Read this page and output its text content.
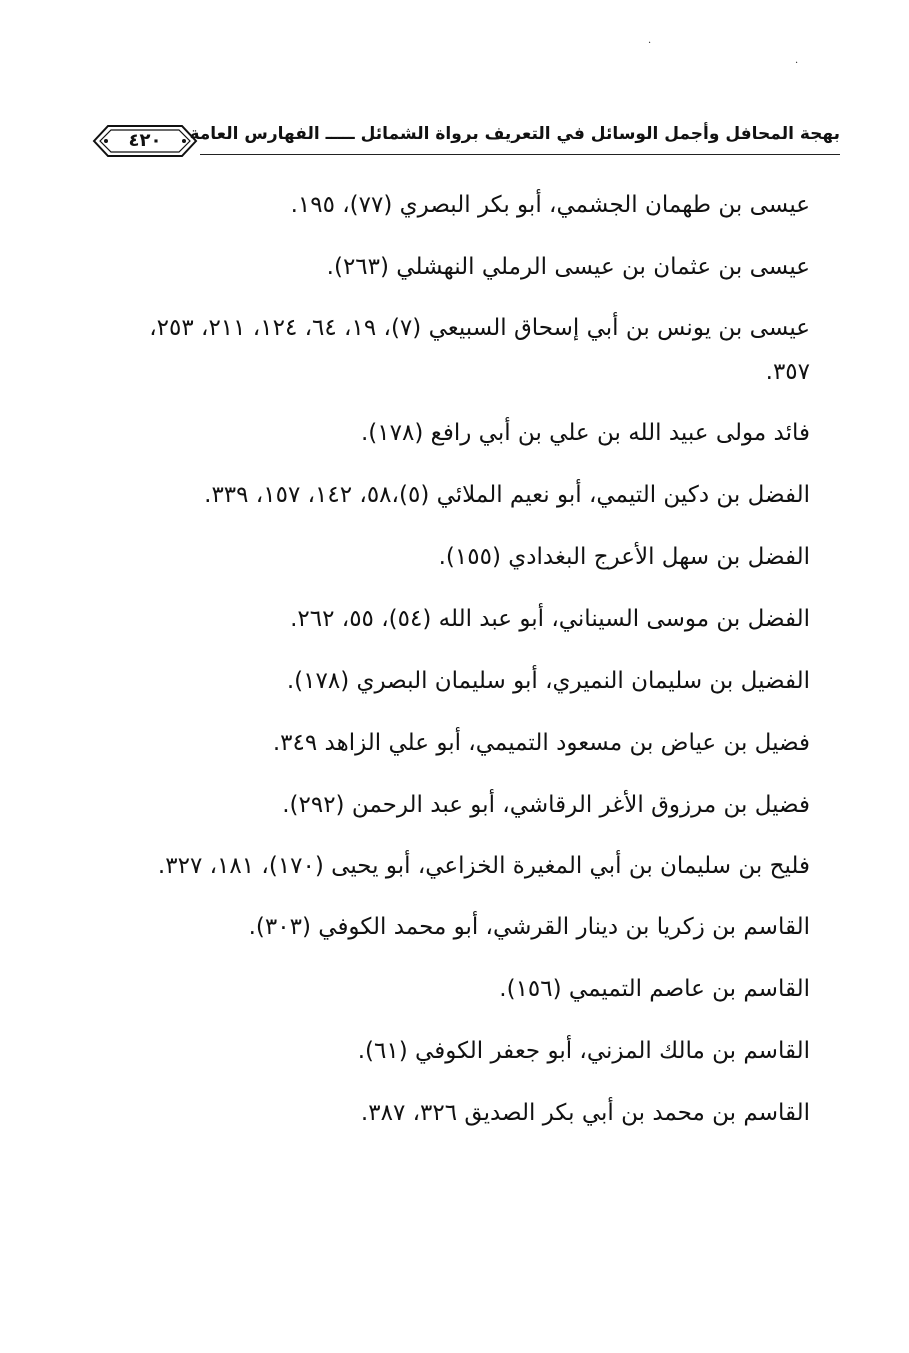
·
·
٤٢٠	بهجة المحافل وأجمل الوسائل في التعريف برواة الشمائل ـــــ الفهارس العامة

عيسى بن طهمان الجشمي، أبو بكر البصري (٧٧)، ١٩٥.

عيسى بن عثمان بن عيسى الرملي النهشلي (٢٦٣).

عيسى بن يونس بن أبي إسحاق السبيعي (٧)، ١٩، ٦٤، ١٢٤، ٢١١، ٢٥٣، ٣٥٧.

فائد مولى عبيد الله بن علي بن أبي رافع (١٧٨).

الفضل بن دكين التيمي، أبو نعيم الملائي (٥)،٥٨، ١٤٢، ١٥٧، ٣٣٩.

الفضل بن سهل الأعرج البغدادي (١٥٥).

الفضل بن موسى السيناني، أبو عبد الله (٥٤)، ٥٥، ٢٦٢.

الفضيل بن سليمان النميري، أبو سليمان البصري (١٧٨).

فضيل بن عياض بن مسعود التميمي، أبو علي الزاهد ٣٤٩.

فضيل بن مرزوق الأغر الرقاشي، أبو عبد الرحمن (٢٩٢).

فليح بن سليمان بن أبي المغيرة الخزاعي، أبو يحيى (١٧٠)، ١٨١، ٣٢٧.

القاسم بن زكريا بن دينار القرشي، أبو محمد الكوفي (٣٠٣).

القاسم بن عاصم التميمي (١٥٦).

القاسم بن مالك المزني، أبو جعفر الكوفي (٦١).

القاسم بن محمد بن أبي بكر الصديق ٣٢٦، ٣٨٧.
